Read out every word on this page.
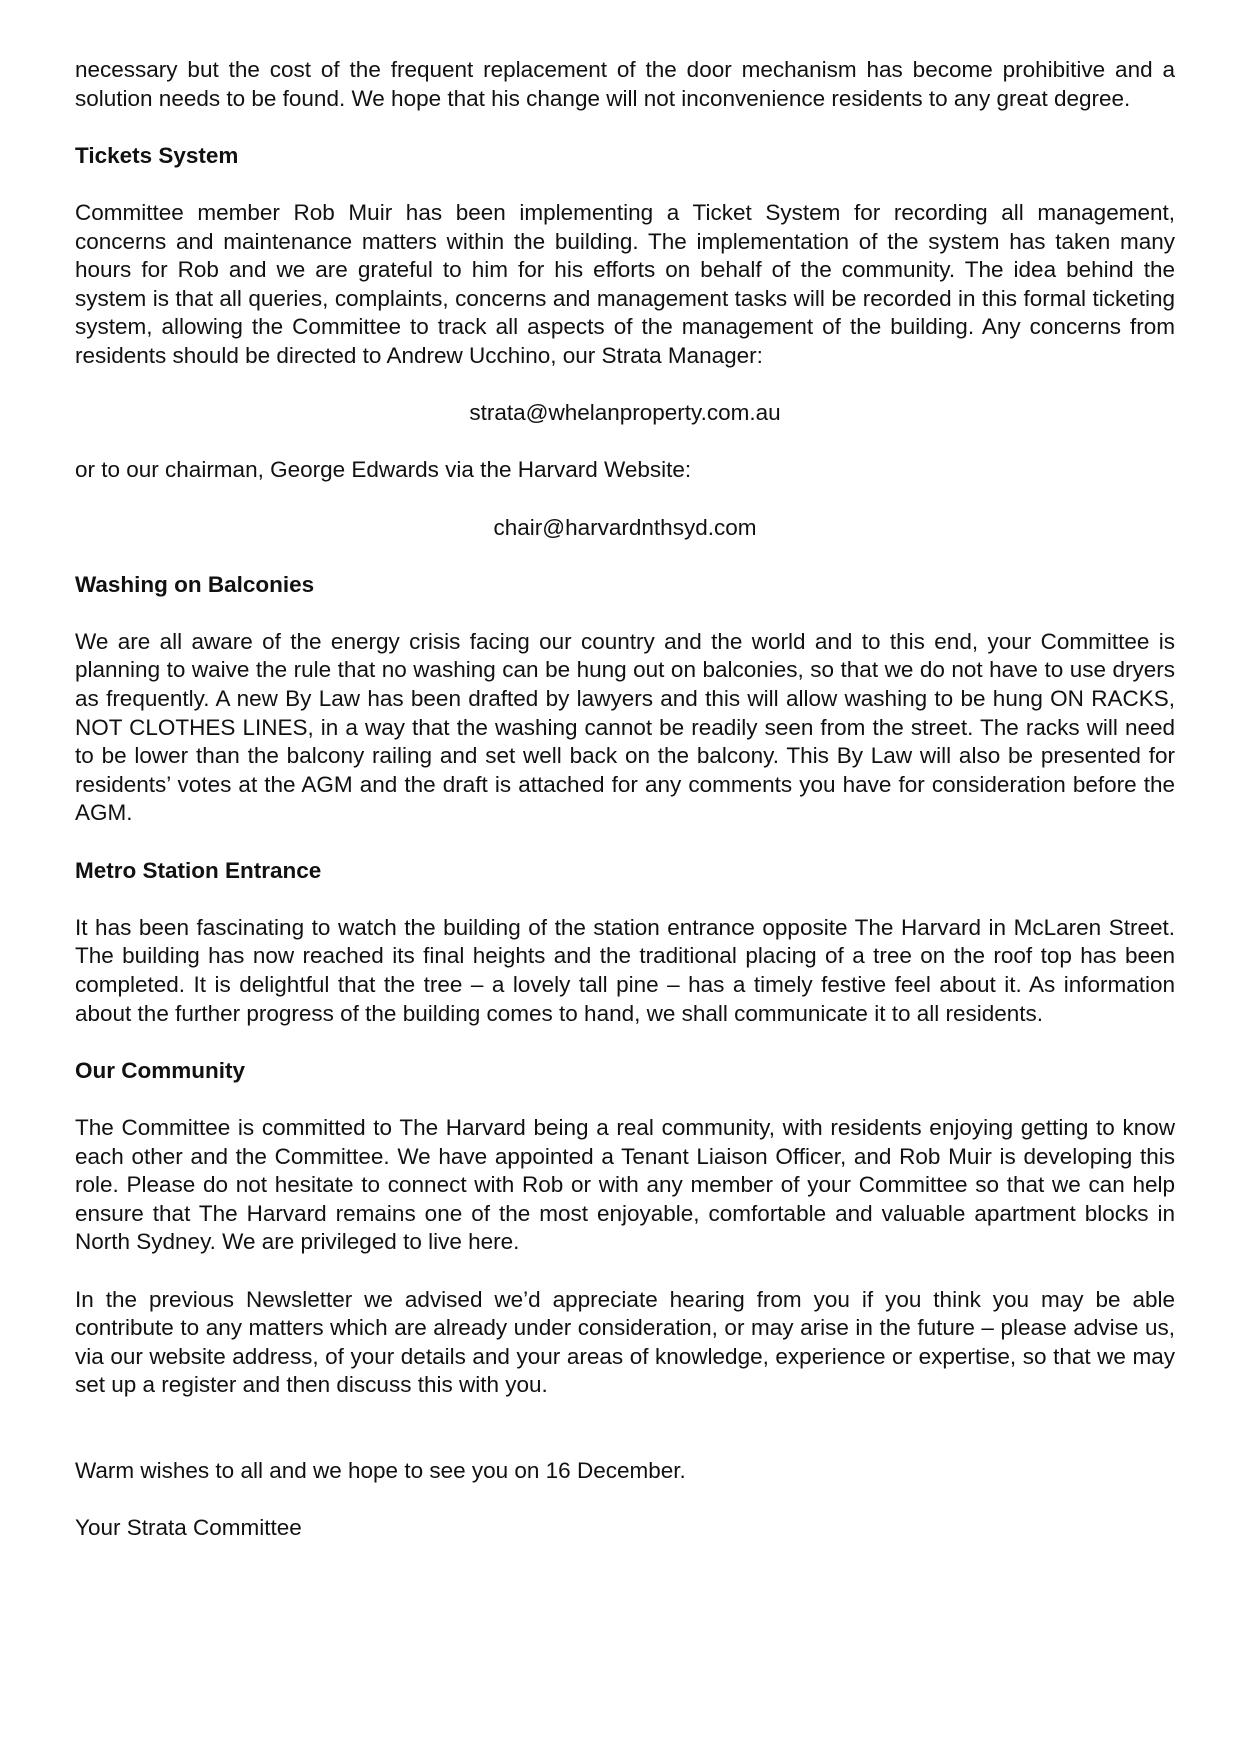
necessary but the cost of the frequent replacement of the door mechanism has become prohibitive and a solution needs to be found. We hope that his change will not inconvenience residents to any great degree.

Tickets System

Committee member Rob Muir has been implementing a Ticket System for recording all management, concerns and maintenance matters within the building. The implementation of the system has taken many hours for Rob and we are grateful to him for his efforts on behalf of the community. The idea behind the system is that all queries, complaints, concerns and management tasks will be recorded in this formal ticketing system, allowing the Committee to track all aspects of the management of the building. Any concerns from residents should be directed to Andrew Ucchino, our Strata Manager:

strata@whelanproperty.com.au

or to our chairman, George Edwards via the Harvard Website:

chair@harvardnthsyd.com

Washing on Balconies

We are all aware of the energy crisis facing our country and the world and to this end, your Committee is planning to waive the rule that no washing can be hung out on balconies, so that we do not have to use dryers as frequently. A new By Law has been drafted by lawyers and this will allow washing to be hung ON RACKS, NOT CLOTHES LINES, in a way that the washing cannot be readily seen from the street. The racks will need to be lower than the balcony railing and set well back on the balcony. This By Law will also be presented for residents’ votes at the AGM and the draft is attached for any comments you have for consideration before the AGM.

Metro Station Entrance

It has been fascinating to watch the building of the station entrance opposite The Harvard in McLaren Street. The building has now reached its final heights and the traditional placing of a tree on the roof top has been completed. It is delightful that the tree – a lovely tall pine – has a timely festive feel about it. As information about the further progress of the building comes to hand, we shall communicate it to all residents.

Our Community

The Committee is committed to The Harvard being a real community, with residents enjoying getting to know each other and the Committee. We have appointed a Tenant Liaison Officer, and Rob Muir is developing this role. Please do not hesitate to connect with Rob or with any member of your Committee so that we can help ensure that The Harvard remains one of the most enjoyable, comfortable and valuable apartment blocks in North Sydney. We are privileged to live here.

In the previous Newsletter we advised we’d appreciate hearing from you if you think you may be able contribute to any matters which are already under consideration, or may arise in the future – please advise us, via our website address, of your details and your areas of knowledge, experience or expertise, so that we may set up a register and then discuss this with you.

Warm wishes to all and we hope to see you on 16 December.

Your Strata Committee
